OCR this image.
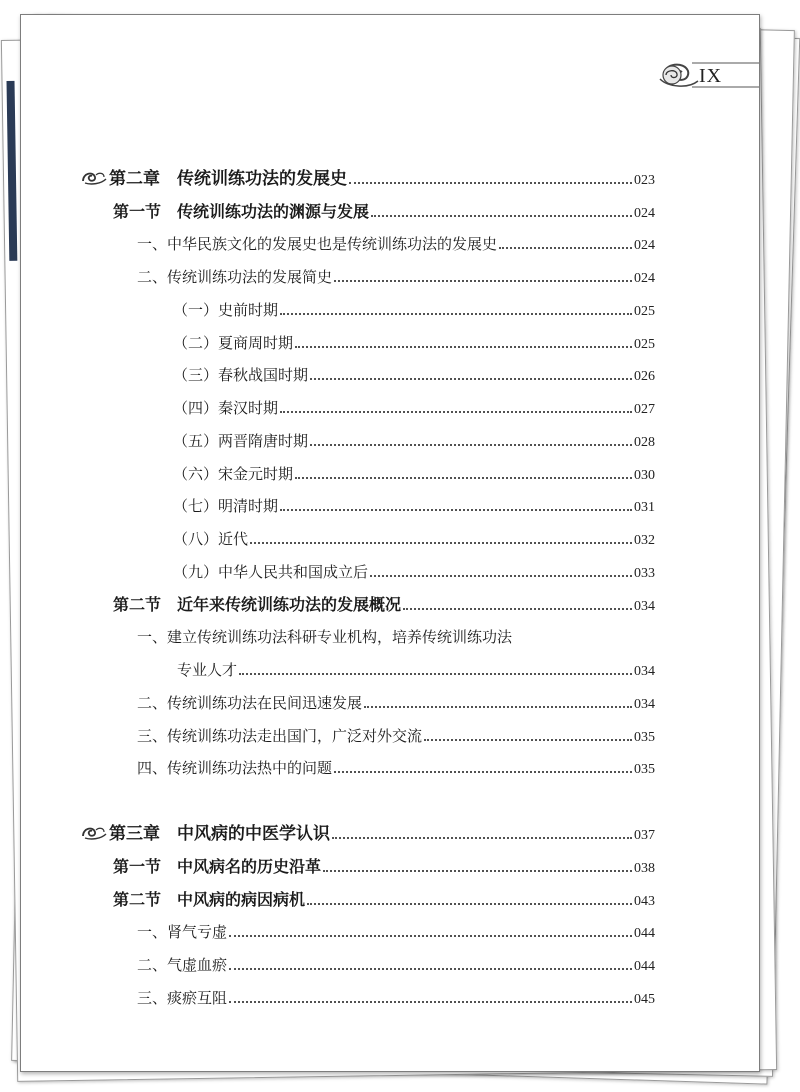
IX
第二章　传统训练功法的发展史	023
第一节　传统训练功法的渊源与发展	024
一、中华民族文化的发展史也是传统训练功法的发展史	024
二、传统训练功法的发展简史	024
（一）史前时期	025
（二）夏商周时期	025
（三）春秋战国时期	026
（四）秦汉时期	027
（五）两晋隋唐时期	028
（六）宋金元时期	030
（七）明清时期	031
（八）近代	032
（九）中华人民共和国成立后	033
第二节　近年来传统训练功法的发展概况	034
一、建立传统训练功法科研专业机构，培养传统训练功法
专业人才	034
二、传统训练功法在民间迅速发展	034
三、传统训练功法走出国门，广泛对外交流	035
四、传统训练功法热中的问题	035
第三章　中风病的中医学认识	037
第一节　中风病名的历史沿革	038
第二节　中风病的病因病机	043
一、肾气亏虚	044
二、气虚血瘀	044
三、痰瘀互阻	045
